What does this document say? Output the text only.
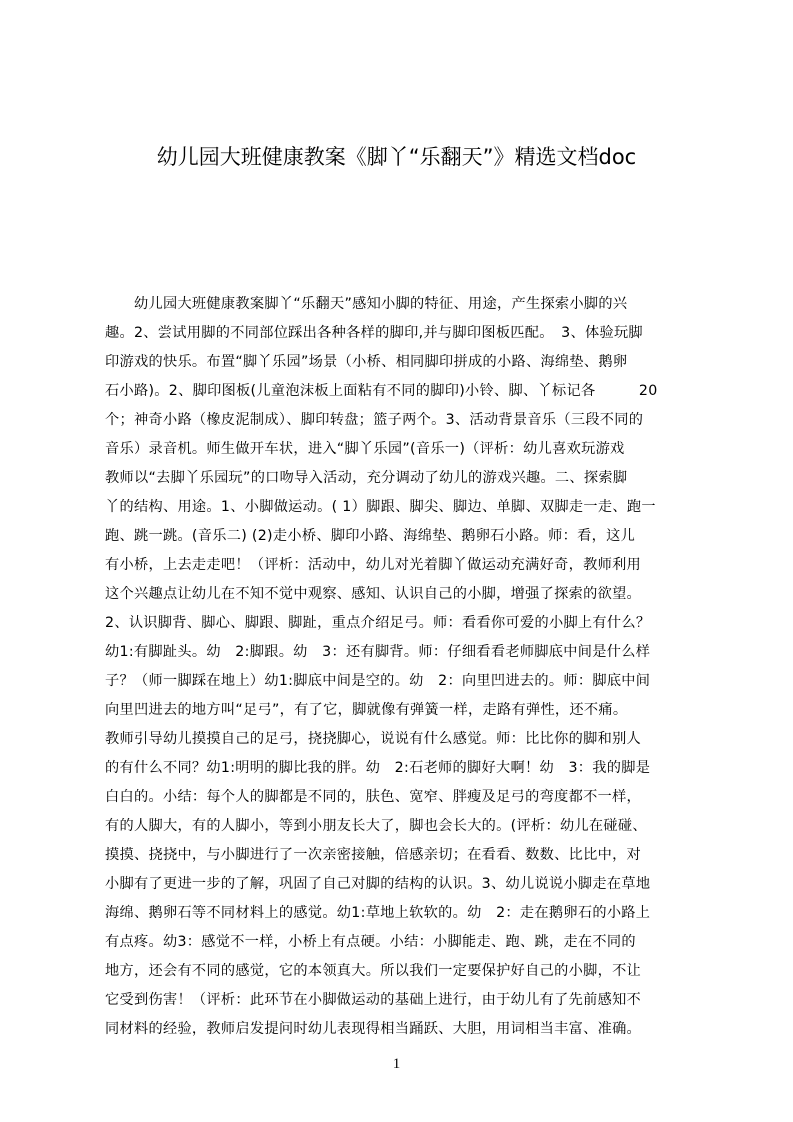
幼儿园大班健康教案《脚丫“乐翻天”》精选文档doc
　　幼儿园大班健康教案脚丫“乐翻天”感知小脚的特征、用途，产生探索小脚的兴
趣。2、尝试用脚的不同部位踩出各种各样的脚印,并与脚印图板匹配。　3、体验玩脚
印游戏的快乐。布置“脚丫乐园”场景（小桥、相同脚印拼成的小路、海绵垫、鹅卵
石小路)。2、脚印图板(儿童泡沫板上面粘有不同的脚印)小铃、脚、丫标记各　　　20
个；神奇小路（橡皮泥制成）、脚印转盘；篮子两个。3、活动背景音乐（三段不同的
音乐）录音机。师生做开车状，进入“脚丫乐园”(音乐一)（评析：幼儿喜欢玩游戏
教师以“去脚丫乐园玩”的口吻导入活动，充分调动了幼儿的游戏兴趣。二、探索脚
丫的结构、用途。1、小脚做运动。( 1）脚跟、脚尖、脚边、单脚、双脚走一走、跑一
跑、跳一跳。(音乐二) (2)走小桥、脚印小路、海绵垫、鹅卵石小路。师：看，这儿
有小桥，上去走走吧！（评析：活动中，幼儿对光着脚丫做运动充满好奇，教师利用
这个兴趣点让幼儿在不知不觉中观察、感知、认识自己的小脚，增强了探索的欲望。
2、认识脚背、脚心、脚跟、脚趾，重点介绍足弓。师：看看你可爱的小脚上有什么？
幼1:有脚趾头。幼　2:脚跟。幼　3：还有脚背。师：仔细看看老师脚底中间是什么样
子？（师一脚踩在地上）幼1:脚底中间是空的。幼　2：向里凹进去的。师：脚底中间
向里凹进去的地方叫“足弓”，有了它，脚就像有弹簧一样，走路有弹性，还不痛。
教师引导幼儿摸摸自己的足弓，挠挠脚心，说说有什么感觉。师：比比你的脚和别人
的有什么不同？幼1:明明的脚比我的胖。幼　2:石老师的脚好大啊！幼　3：我的脚是
白白的。小结：每个人的脚都是不同的，肤色、宽窄、胖瘦及足弓的弯度都不一样，
有的人脚大，有的人脚小，等到小朋友长大了，脚也会长大的。(评析：幼儿在碰碰、
摸摸、挠挠中，与小脚进行了一次亲密接触，倍感亲切；在看看、数数、比比中，对
小脚有了更进一步的了解，巩固了自己对脚的结构的认识。3、幼儿说说小脚走在草地
海绵、鹅卵石等不同材料上的感觉。幼1:草地上软软的。幼　2：走在鹅卵石的小路上
有点疼。幼3：感觉不一样，小桥上有点硬。小结：小脚能走、跑、跳，走在不同的
地方，还会有不同的感觉，它的本领真大。所以我们一定要保护好自己的小脚，不让
它受到伤害！（评析：此环节在小脚做运动的基础上进行，由于幼儿有了先前感知不
同材料的经验，教师启发提问时幼儿表现得相当踊跃、大胆，用词相当丰富、准确。
1
